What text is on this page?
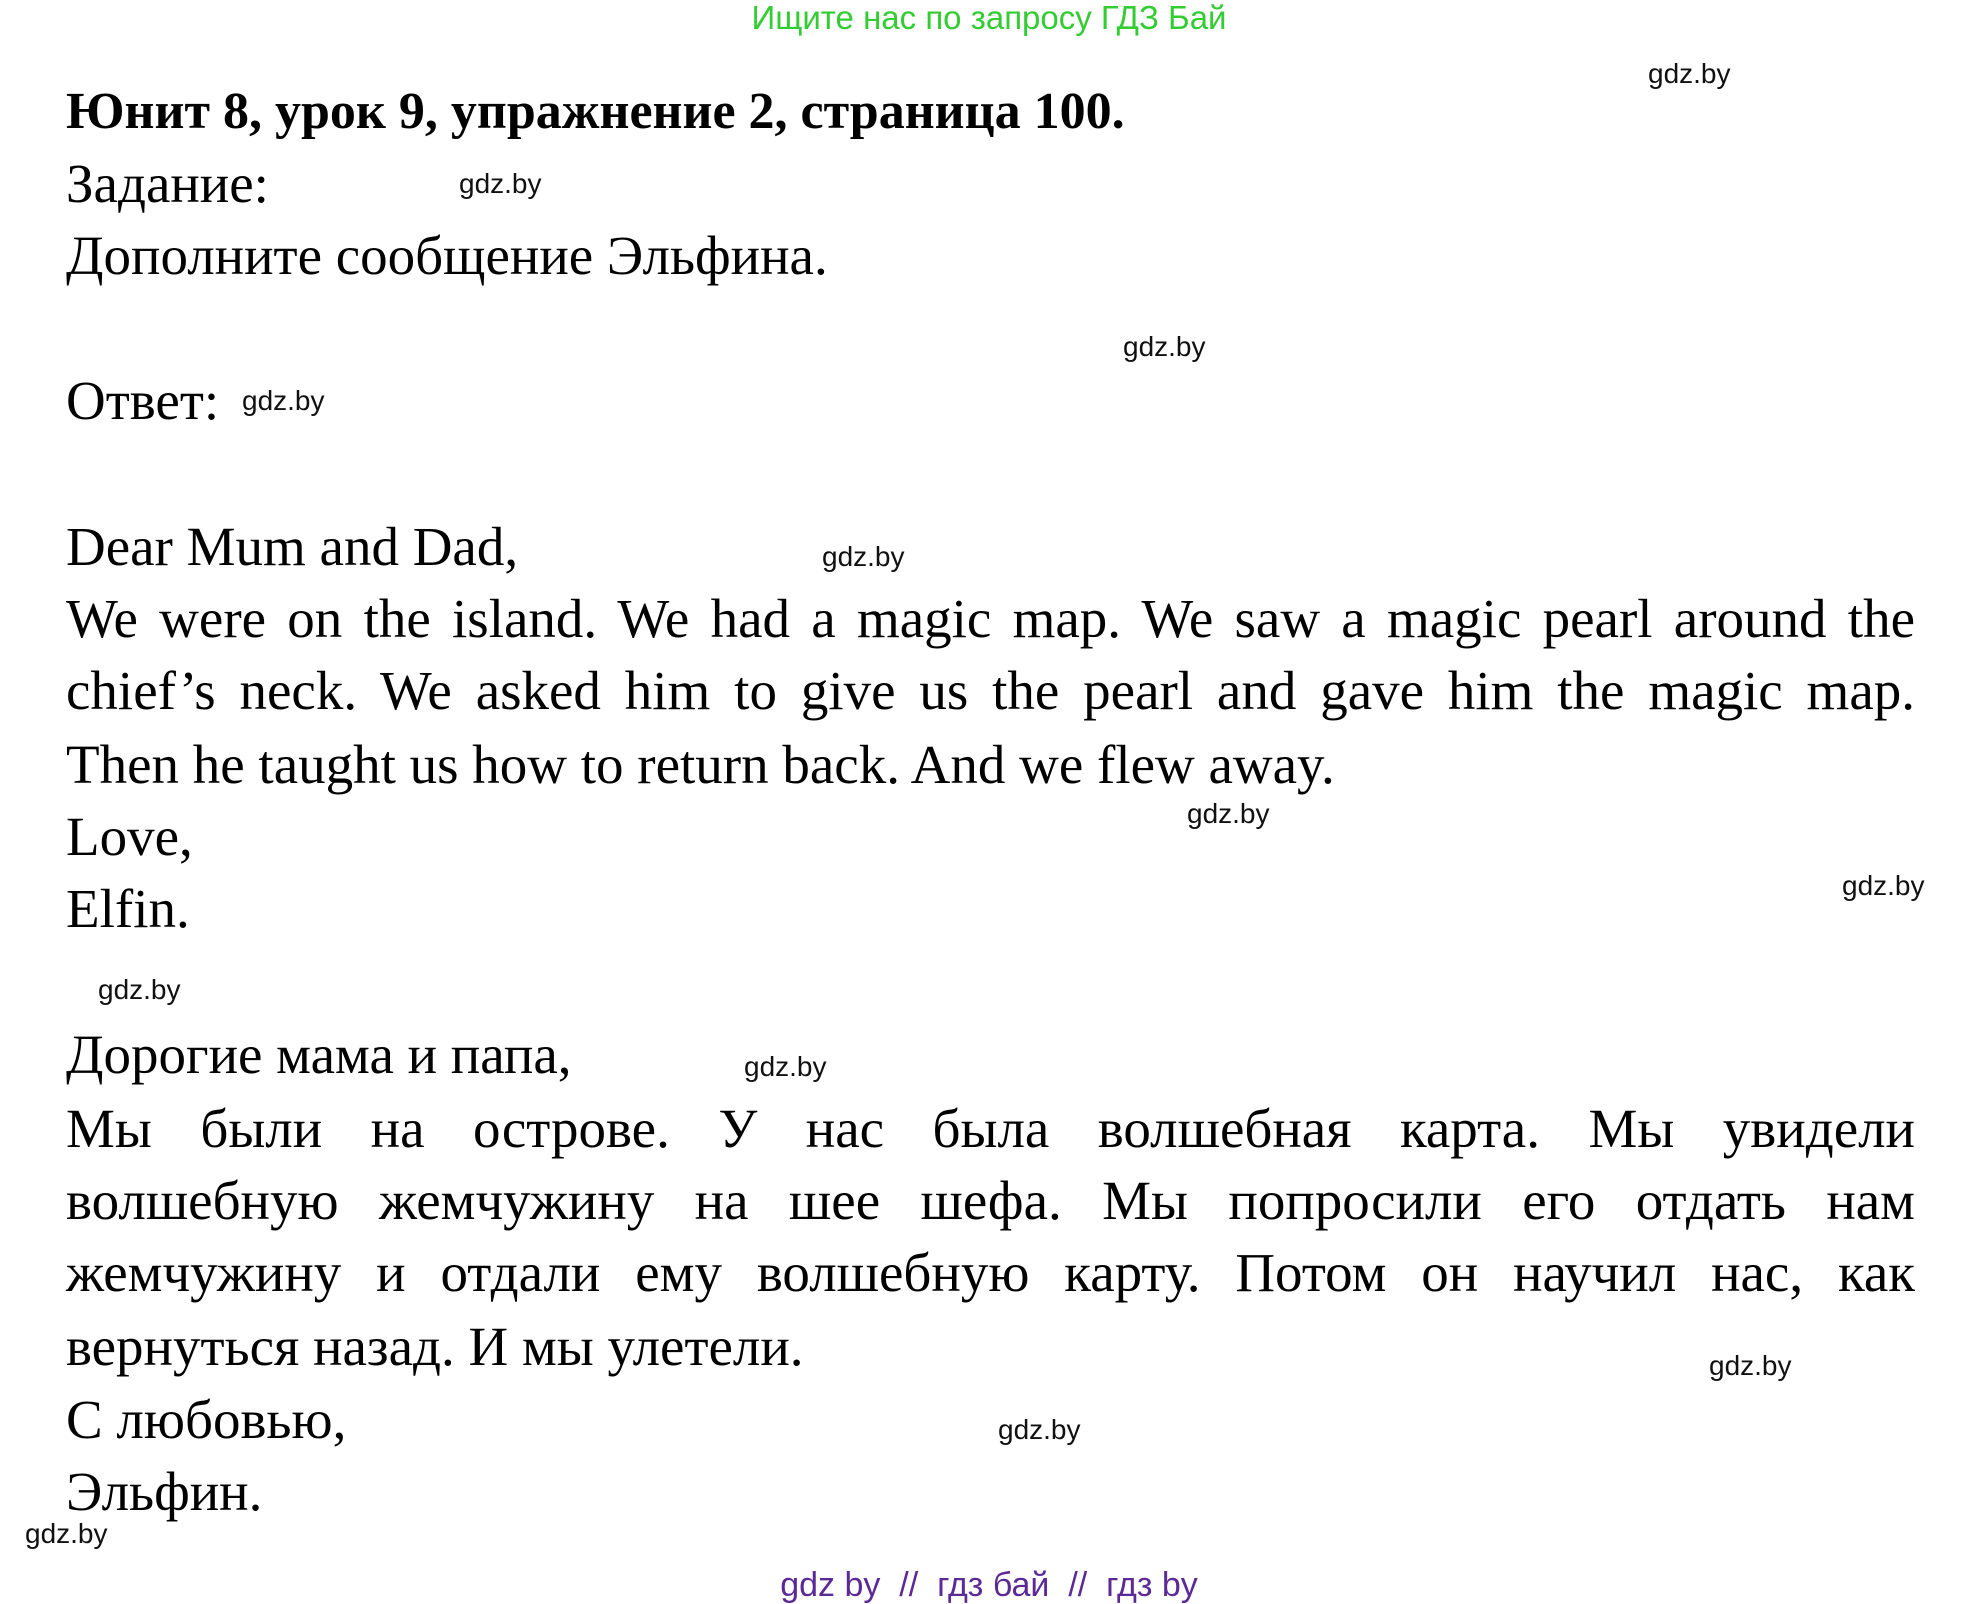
Ищите нас по запросу ГДЗ Бай
Юнит 8, урок 9, упражнение 2, страница 100.
Задание:
Дополните сообщение Эльфина.
Ответ:
Dear Mum and Dad,
We were on the island. We had a magic map. We saw a magic pearl around the
chief’s neck. We asked him to give us the pearl and gave him the magic map.
Then he taught us how to return back. And we flew away.
Love,
Elfin.
Дорогие мама и папа,
Мы были на острове. У нас была волшебная карта. Мы увидели
волшебную жемчужину на шее шефа. Мы попросили его отдать нам
жемчужину и отдали ему волшебную карту. Потом он научил нас, как
вернуться назад. И мы улетели.
С любовью,
Эльфин.
gdz.by
gdz.by
gdz.by
gdz.by
gdz.by
gdz.by
gdz.by
gdz.by
gdz.by
gdz.by
gdz.by
gdz.by
gdz by  //  гдз бай  //  гдз by
